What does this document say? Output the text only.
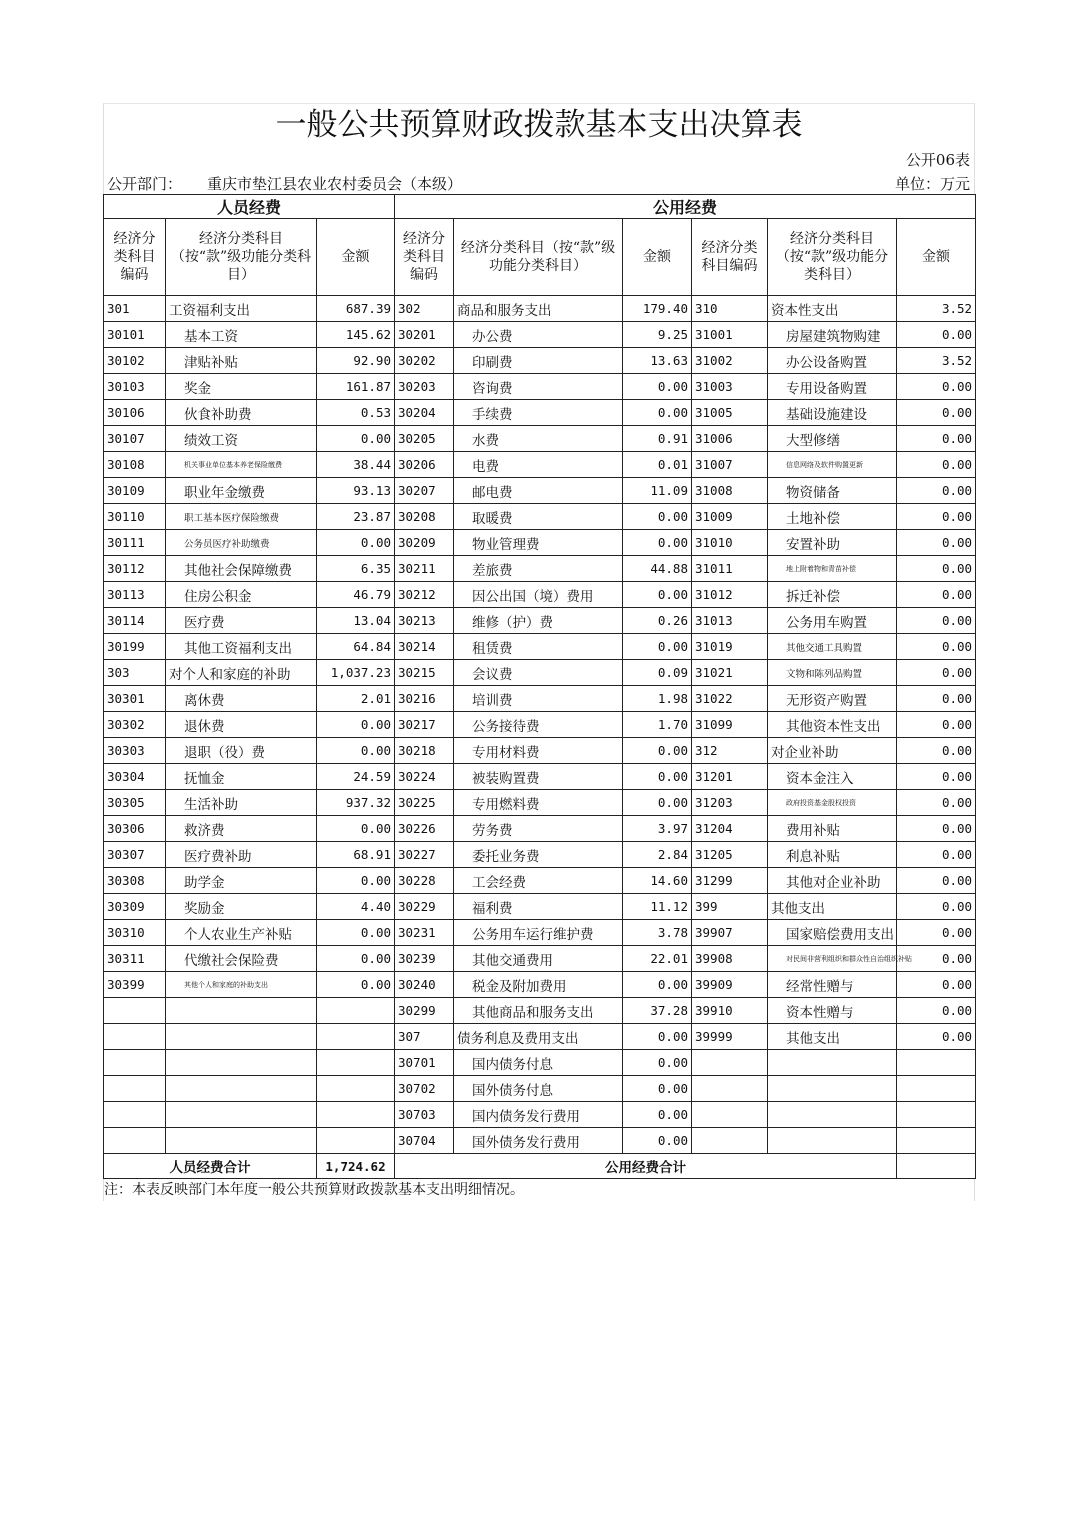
一般公共预算财政拨款基本支出决算表
公开06表
公开部门： 重庆市垫江县农业农村委员会（本级）	单位：万元
人员经费			公用经费					
经济分类科目编码	经济分类科目（按“款”级功能分类科目）	金额	经济分类科目编码	经济分类科目（按“款”级功能分类科目）	金额	经济分类科目编码	经济分类科目（按“款”级功能分类科目）	金额
301	工资福利支出	687.39	302	商品和服务支出	179.40	310	资本性支出	3.52
30101	基本工资	145.62	30201	办公费	9.25	31001	房屋建筑物购建	0.00
30102	津贴补贴	92.90	30202	印刷费	13.63	31002	办公设备购置	3.52
30103	奖金	161.87	30203	咨询费	0.00	31003	专用设备购置	0.00
30106	伙食补助费	0.53	30204	手续费	0.00	31005	基础设施建设	0.00
30107	绩效工资	0.00	30205	水费	0.91	31006	大型修缮	0.00
30108	机关事业单位基本养老保险缴费	38.44	30206	电费	0.01	31007	信息网络及软件购置更新	0.00
30109	职业年金缴费	93.13	30207	邮电费	11.09	31008	物资储备	0.00
30110	职工基本医疗保险缴费	23.87	30208	取暖费	0.00	31009	土地补偿	0.00
30111	公务员医疗补助缴费	0.00	30209	物业管理费	0.00	31010	安置补助	0.00
30112	其他社会保障缴费	6.35	30211	差旅费	44.88	31011	地上附着物和青苗补偿	0.00
30113	住房公积金	46.79	30212	因公出国（境）费用	0.00	31012	拆迁补偿	0.00
30114	医疗费	13.04	30213	维修（护）费	0.26	31013	公务用车购置	0.00
30199	其他工资福利支出	64.84	30214	租赁费	0.00	31019	其他交通工具购置	0.00
303	对个人和家庭的补助	1,037.23	30215	会议费	0.09	31021	文物和陈列品购置	0.00
30301	离休费	2.01	30216	培训费	1.98	31022	无形资产购置	0.00
30302	退休费	0.00	30217	公务接待费	1.70	31099	其他资本性支出	0.00
30303	退职（役）费	0.00	30218	专用材料费	0.00	312	对企业补助	0.00
30304	抚恤金	24.59	30224	被装购置费	0.00	31201	资本金注入	0.00
30305	生活补助	937.32	30225	专用燃料费	0.00	31203	政府投资基金股权投资	0.00
30306	救济费	0.00	30226	劳务费	3.97	31204	费用补贴	0.00
30307	医疗费补助	68.91	30227	委托业务费	2.84	31205	利息补贴	0.00
30308	助学金	0.00	30228	工会经费	14.60	31299	其他对企业补助	0.00
30309	奖励金	4.40	30229	福利费	11.12	399	其他支出	0.00
30310	个人农业生产补贴	0.00	30231	公务用车运行维护费	3.78	39907	国家赔偿费用支出	0.00
30311	代缴社会保险费	0.00	30239	其他交通费用	22.01	39908	对民间非营利组织和群众性自治组织补贴	0.00
30399	其他个人和家庭的补助支出	0.00	30240	税金及附加费用	0.00	39909	经常性赠与	0.00
			30299	其他商品和服务支出	37.28	39910	资本性赠与	0.00
			307	债务利息及费用支出	0.00	39999	其他支出	0.00
			30701	国内债务付息	0.00			
			30702	国外债务付息	0.00			
			30703	国内债务发行费用	0.00			
			30704	国外债务发行费用	0.00			
人员经费合计		1,724.62	公用经费合计					
注：本表反映部门本年度一般公共预算财政拨款基本支出明细情况。
